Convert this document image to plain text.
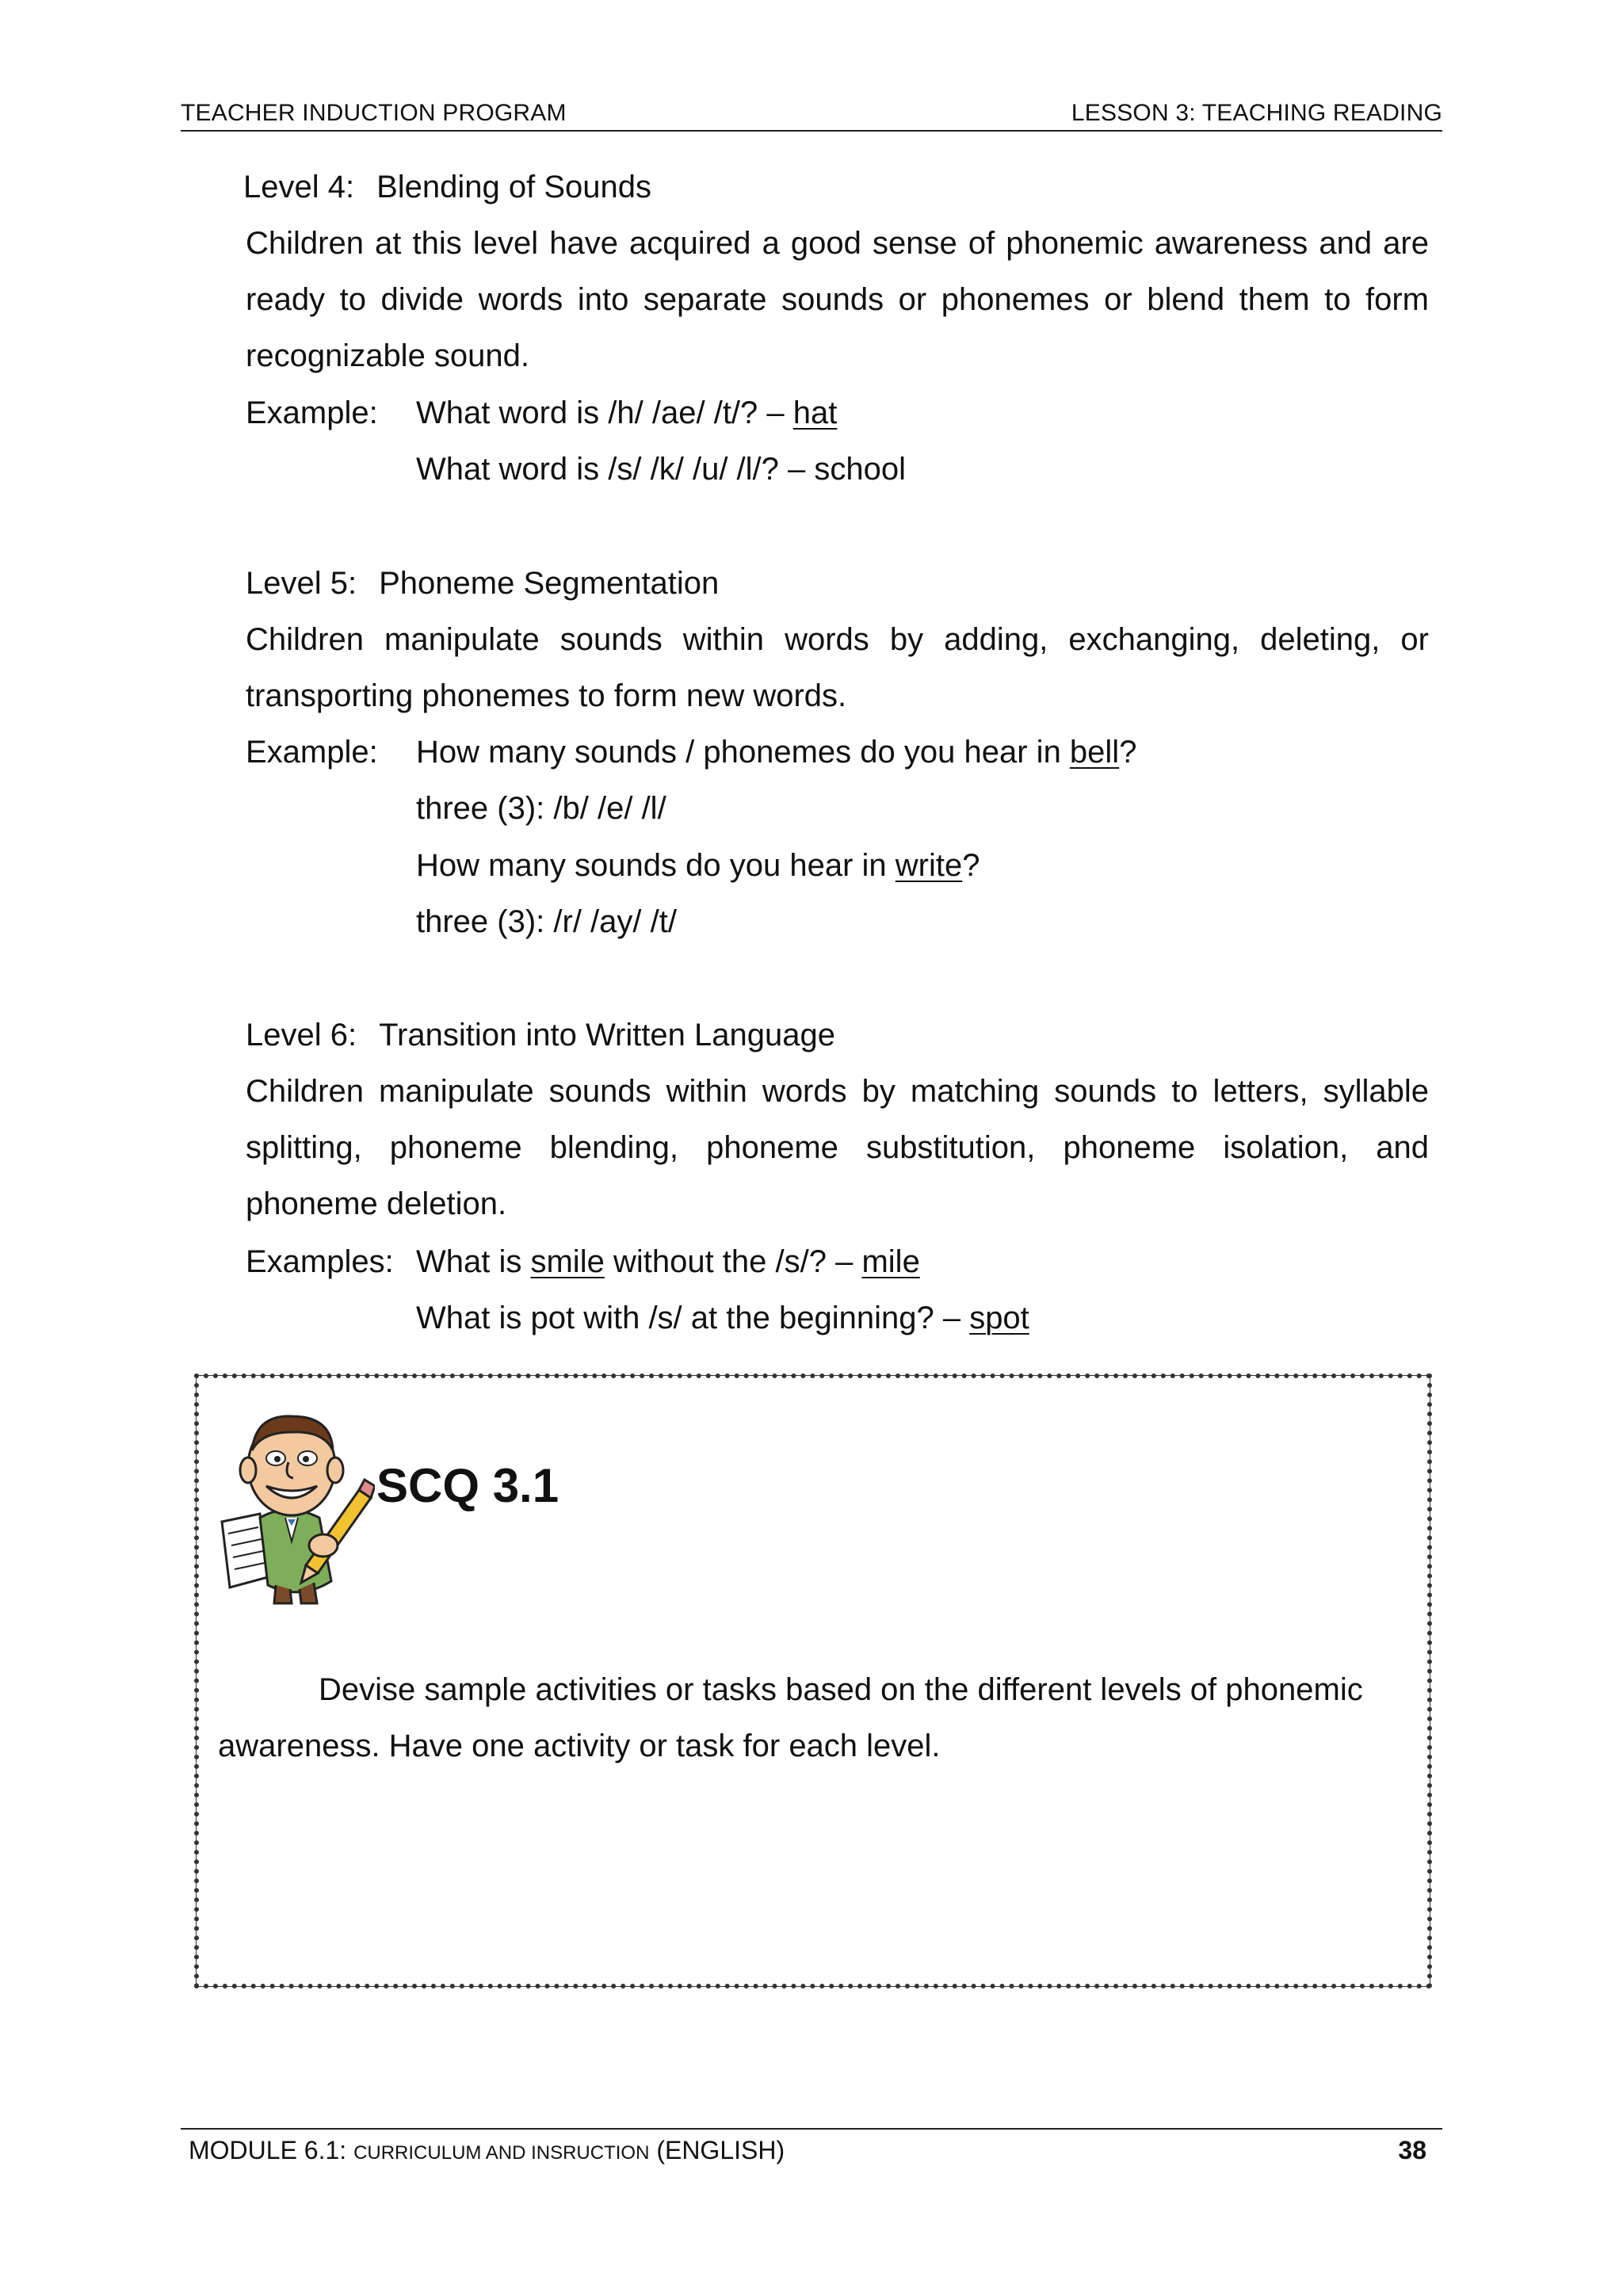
TEACHER INDUCTION PROGRAM	LESSON 3: TEACHING READING
Level 4: Blending of Sounds
Children at this level have acquired a good sense of phonemic awareness and are ready to divide words into separate sounds or phonemes or blend them to form recognizable sound.
Example: What word is /h/ /ae/ /t/? – hat
What word is /s/ /k/ /u/ /l/? – school
Level 5: Phoneme Segmentation
Children manipulate sounds within words by adding, exchanging, deleting, or transporting phonemes to form new words.
Example: How many sounds / phonemes do you hear in bell?
three (3): /b/ /e/ /l/
How many sounds do you hear in write?
three (3): /r/ /ay/ /t/
Level 6: Transition into Written Language
Children manipulate sounds within words by matching sounds to letters, syllable splitting, phoneme blending, phoneme substitution, phoneme isolation, and phoneme deletion.
Examples: What is smile without the /s/? – mile
What is pot with /s/ at the beginning? – spot
SCQ 3.1
Devise sample activities or tasks based on the different levels of phonemic awareness. Have one activity or task for each level.
MODULE 6.1: CURRICULUM AND INSRUCTION (ENGLISH)	38
